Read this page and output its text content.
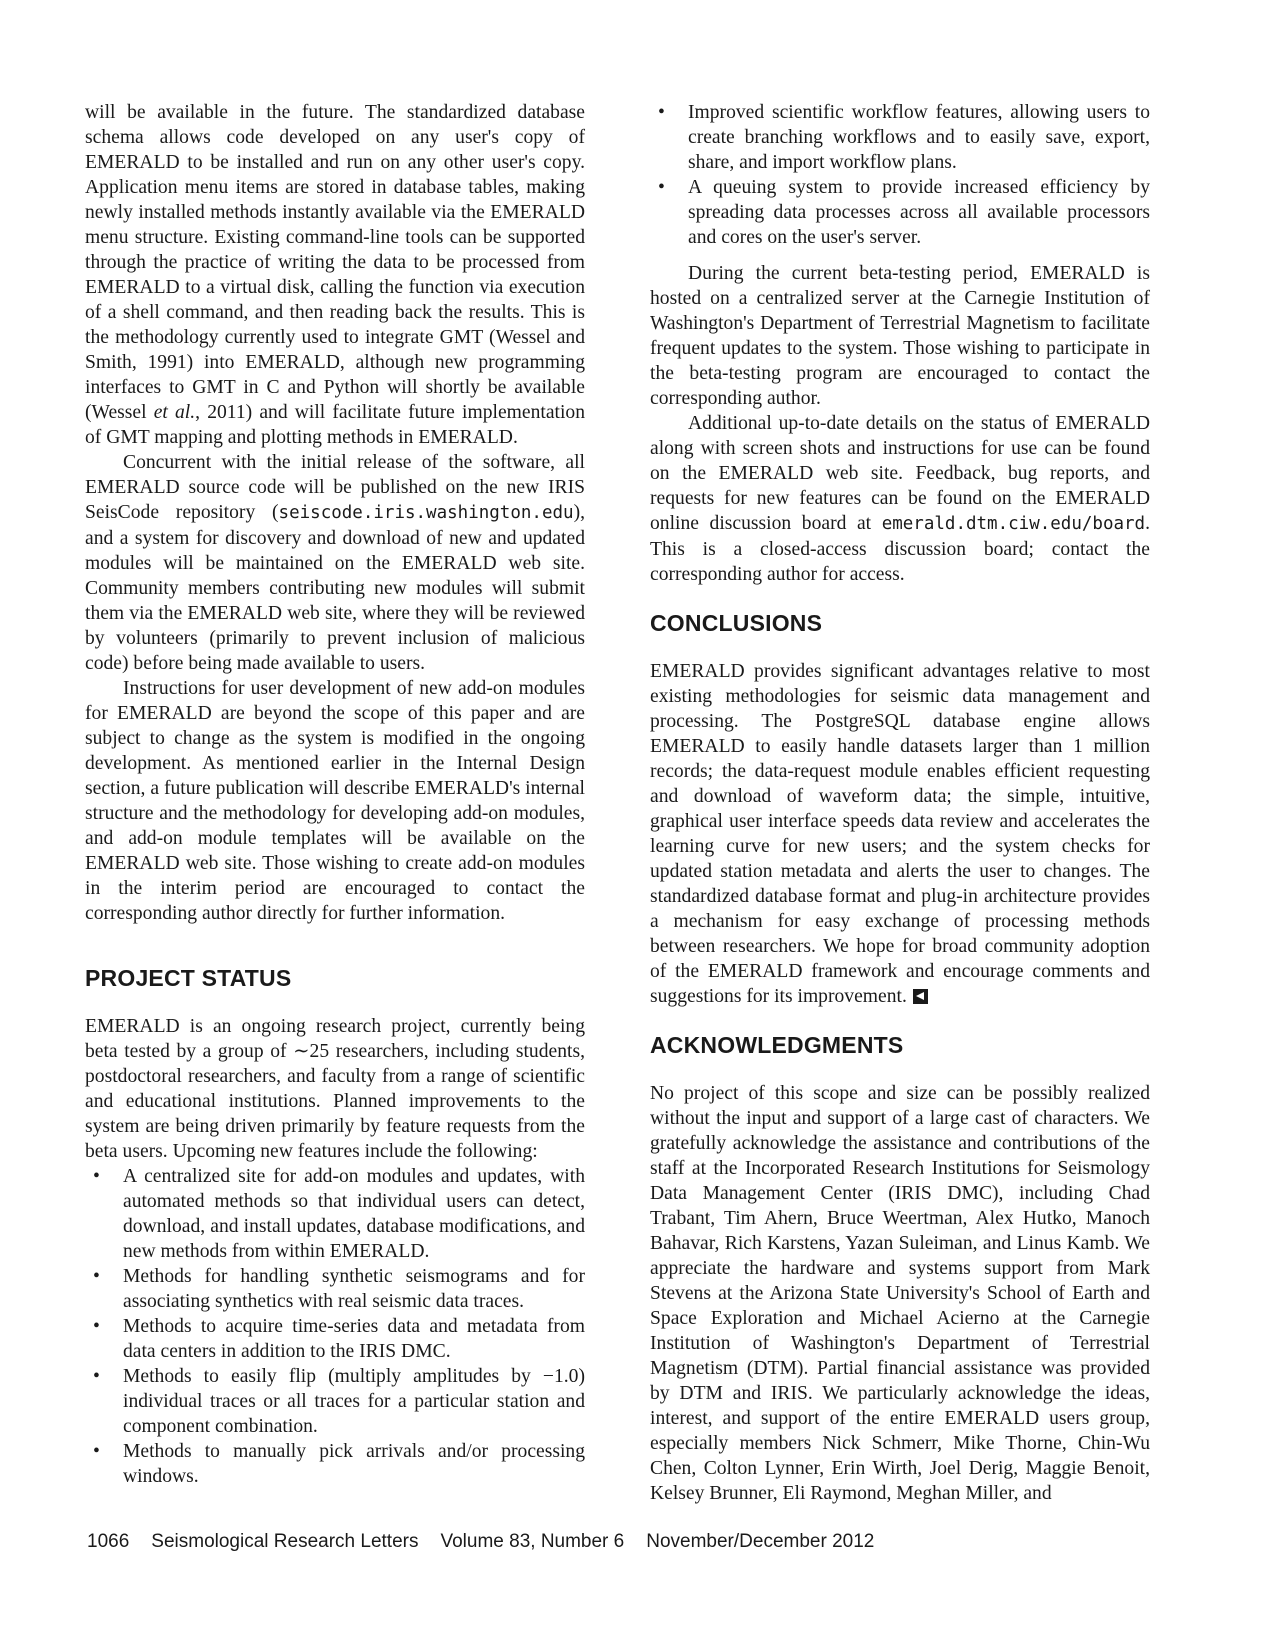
will be available in the future. The standardized database schema allows code developed on any user's copy of EMERALD to be installed and run on any other user's copy. Application menu items are stored in database tables, making newly installed methods instantly available via the EMERALD menu structure. Existing command-line tools can be supported through the practice of writing the data to be processed from EMERALD to a virtual disk, calling the function via execution of a shell command, and then reading back the results. This is the methodology currently used to integrate GMT (Wessel and Smith, 1991) into EMERALD, although new programming interfaces to GMT in C and Python will shortly be available (Wessel et al., 2011) and will facilitate future implementation of GMT mapping and plotting methods in EMERALD.

Concurrent with the initial release of the software, all EMERALD source code will be published on the new IRIS SeisCode repository (seiscode.iris.washington.edu), and a system for discovery and download of new and updated modules will be maintained on the EMERALD web site. Community members contributing new modules will submit them via the EMERALD web site, where they will be reviewed by volunteers (primarily to prevent inclusion of malicious code) before being made available to users.

Instructions for user development of new add-on modules for EMERALD are beyond the scope of this paper and are subject to change as the system is modified in the ongoing development. As mentioned earlier in the Internal Design section, a future publication will describe EMERALD's internal structure and the methodology for developing add-on modules, and add-on module templates will be available on the EMERALD web site. Those wishing to create add-on modules in the interim period are encouraged to contact the corresponding author directly for further information.

PROJECT STATUS

EMERALD is an ongoing research project, currently being beta tested by a group of ∼25 researchers, including students, postdoctoral researchers, and faculty from a range of scientific and educational institutions. Planned improvements to the system are being driven primarily by feature requests from the beta users. Upcoming new features include the following:

• A centralized site for add-on modules and updates, with automated methods so that individual users can detect, download, and install updates, database modifications, and new methods from within EMERALD.
• Methods for handling synthetic seismograms and for associating synthetics with real seismic data traces.
• Methods to acquire time-series data and metadata from data centers in addition to the IRIS DMC.
• Methods to easily flip (multiply amplitudes by −1.0) individual traces or all traces for a particular station and component combination.
• Methods to manually pick arrivals and/or processing windows.
• Improved scientific workflow features, allowing users to create branching workflows and to easily save, export, share, and import workflow plans.
• A queuing system to provide increased efficiency by spreading data processes across all available processors and cores on the user's server.

During the current beta-testing period, EMERALD is hosted on a centralized server at the Carnegie Institution of Washington's Department of Terrestrial Magnetism to facilitate frequent updates to the system. Those wishing to participate in the beta-testing program are encouraged to contact the corresponding author.

Additional up-to-date details on the status of EMERALD along with screen shots and instructions for use can be found on the EMERALD web site. Feedback, bug reports, and requests for new features can be found on the EMERALD online discussion board at emerald.dtm.ciw.edu/board. This is a closed-access discussion board; contact the corresponding author for access.

CONCLUSIONS

EMERALD provides significant advantages relative to most existing methodologies for seismic data management and processing. The PostgreSQL database engine allows EMERALD to easily handle datasets larger than 1 million records; the data-request module enables efficient requesting and download of waveform data; the simple, intuitive, graphical user interface speeds data review and accelerates the learning curve for new users; and the system checks for updated station metadata and alerts the user to changes. The standardized database format and plug-in architecture provides a mechanism for easy exchange of processing methods between researchers. We hope for broad community adoption of the EMERALD framework and encourage comments and suggestions for its improvement.

ACKNOWLEDGMENTS

No project of this scope and size can be possibly realized without the input and support of a large cast of characters. We gratefully acknowledge the assistance and contributions of the staff at the Incorporated Research Institutions for Seismology Data Management Center (IRIS DMC), including Chad Trabant, Tim Ahern, Bruce Weertman, Alex Hutko, Manoch Bahavar, Rich Karstens, Yazan Suleiman, and Linus Kamb. We appreciate the hardware and systems support from Mark Stevens at the Arizona State University's School of Earth and Space Exploration and Michael Acierno at the Carnegie Institution of Washington's Department of Terrestrial Magnetism (DTM). Partial financial assistance was provided by DTM and IRIS. We particularly acknowledge the ideas, interest, and support of the entire EMERALD users group, especially members Nick Schmerr, Mike Thorne, Chin-Wu Chen, Colton Lynner, Erin Wirth, Joel Derig, Maggie Benoit, Kelsey Brunner, Eli Raymond, Meghan Miller, and

1066 Seismological Research Letters Volume 83, Number 6 November/December 2012
